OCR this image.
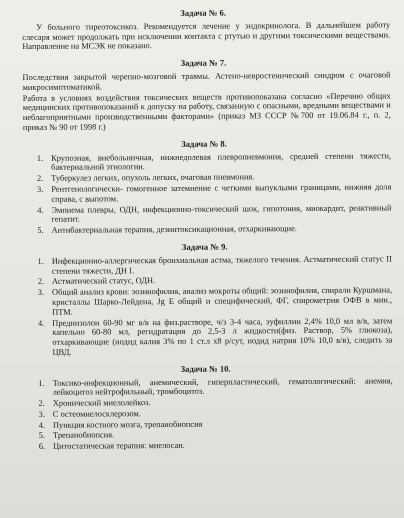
Задача № 6.

У больного тиреотоксикоз. Рекомендуется лечение у эндокринолога. В дальнейшем работу слесаря может продолжать при исключении контакта с ртутью и другими токсическими веществами. Направление на МСЭК не показано.

Задача № 7.

Последствия закрытой черепно-мозговой травмы. Астено-невростенический синдром с очаговой микросимптоматикой.

Работа в условиях воздействия токсических веществ противопоказана согласно «Перечню общих медицинских противопоказаний к допуску на работу, связанную с опасными, вредными веществами и неблагоприятными производственными факторами» (приказ МЗ СССР №700 от 19.06.84 г., п. 2, приказ № 90 от 1998 г.)

Задача № 8.
1. Крупозная, внебольничная, нижнедолевая плевропневмония, средней степени тяжести, бактериальной этиологии.
2. Туберкулез легких, опухоль легких, очаговая пневмония.
3. Рентгенологически- гомогенное затемнение с четкими выпуклыми границами, нижняя доля справа, с выпотом.
4. Эмпиема плевры, ОДН, инфекционно-токсический шок, гипотония, миокардит, реактивный гепатит.
5. Антибактериальная терапия, дезинтоксикационная, отхаркивающие.
Задача № 9.
1. Инфекционно-аллергическая бронхиальная астма, тяжелого течения. Астматический статус II степени тяжести, ДН I.
2. Астматический статус, ОДН.
3. Общий анализ крови: эозинофилия, анализ мокроты общий: эозинофилия, спирали Куршмана, кристаллы Шарко-Лейдена, Jg E общий и специфический, ФГ, спирометрия ОФВ в мин., ПТМ.
4. Преднизолон 60-90 мг в/в на физ.растворе, ч/з 3-4 часа, эуфиллин 2,4% 10,0 мл в/в, затем капельно 60-80 мл, регидратация до 2,5-3 л жидкости(физ. Раствор, 5% глюкоза), отхаркивающие (иодид калия 3% по 1 ст.л х8 р/сут, иодид натрия 10% 10,0 в/в), следить за ЦВД.
Задача № 10.
1. Токсико-инфекционный, анемический, гиперпластический, гематологический: анемия, лейкоцитоз нейтрофильный, тромбоцитоз.
2. Хронический миелолейкоз.
3. С остеомиелосклерозом.
4. Пункция костного мозга, трепанобиопсия
5. Трепанобиопсия.
6. Цитостатическая терапия: миелосан.
